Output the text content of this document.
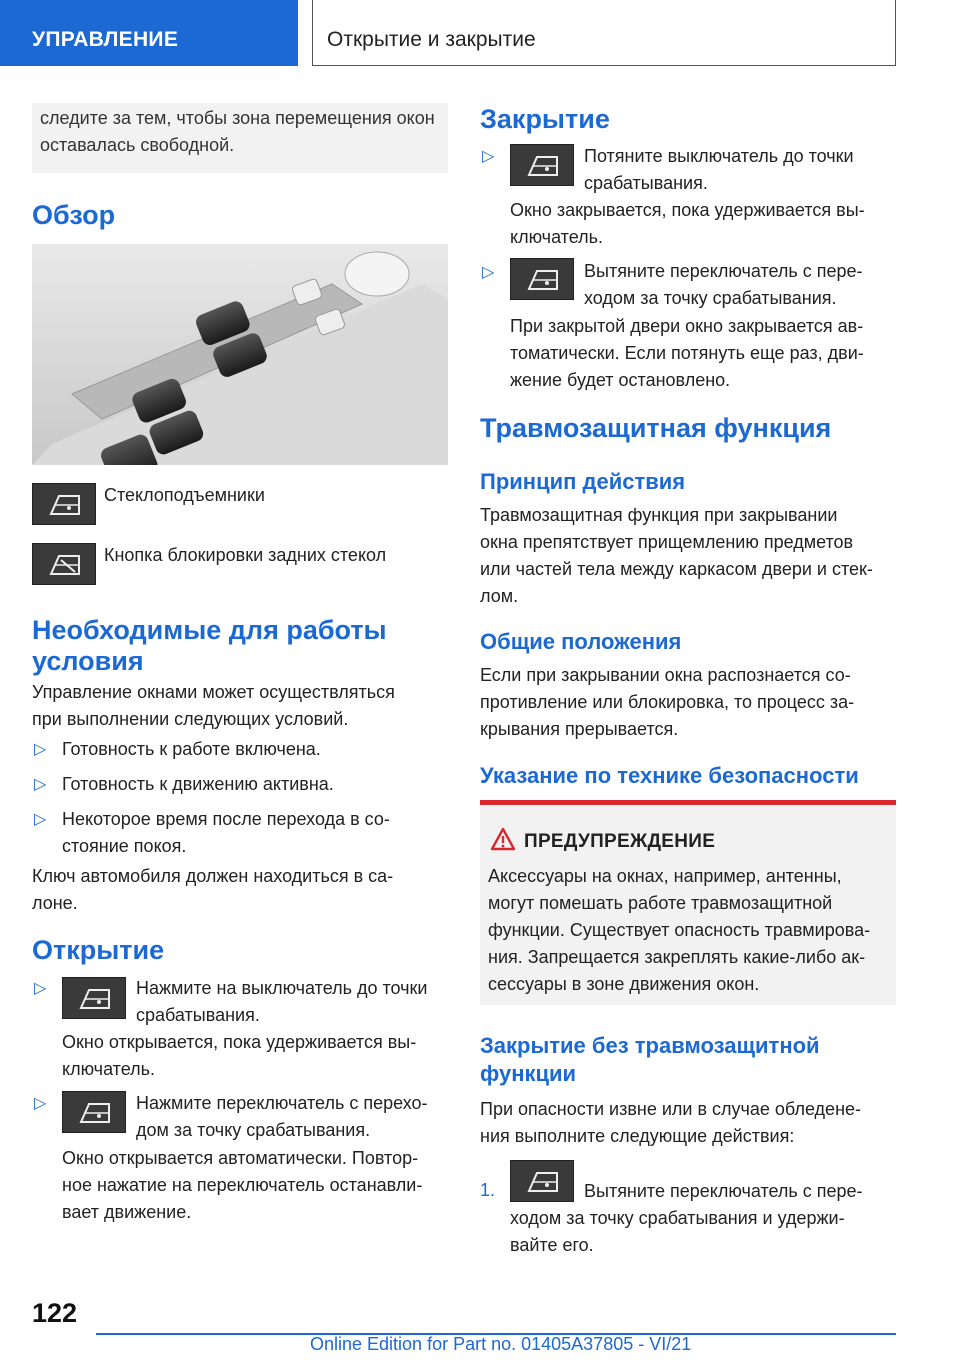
УПРАВЛЕНИЕ	Открытие и закрытие
следите за тем, чтобы зона перемещения окон оставалась свободной.
Обзор
Стеклоподъемники
Кнопка блокировки задних стекол
Необходимые для работы
условия
Управление окнами может осуществляться
при выполнении следующих условий.
▷ Готовность к работе включена.
▷ Готовность к движению активна.
▷ Некоторое время после перехода в со-
стояние покоя.
Ключ автомобиля должен находиться в са-
лоне.
Открытие
▷	Нажмите на выключатель до точки
срабатывания.
Окно открывается, пока удерживается вы-
ключатель.
▷	Нажмите переключатель с перехо-
дом за точку срабатывания.
Окно открывается автоматически. Повтор-
ное нажатие на переключатель останавли-
вает движение.
Закрытие
▷	Потяните выключатель до точки
срабатывания.
Окно закрывается, пока удерживается вы-
ключатель.
▷	Вытяните переключатель с пере-
ходом за точку срабатывания.
При закрытой двери окно закрывается ав-
томатически. Если потянуть еще раз, дви-
жение будет остановлено.
Травмозащитная функция
Принцип действия
Травмозащитная функция при закрывании
окна препятствует прищемлению предметов
или частей тела между каркасом двери и стек-
лом.
Общие положения
Если при закрывании окна распознается со-
противление или блокировка, то процесс за-
крывания прерывается.
Указание по технике безопасности
ПРЕДУПРЕЖДЕНИЕ
Аксессуары на окнах, например, антенны,
могут помешать работе травмозащитной
функции. Существует опасность травмирова-
ния. Запрещается закреплять какие-либо ак-
сессуары в зоне движения окон.
Закрытие без травмозащитной
функции
При опасности извне или в случае обледене-
ния выполните следующие действия:
1.	Вытяните переключатель с пере-
ходом за точку срабатывания и удержи-
вайте его.
122
Online Edition for Part no. 01405A37805 - VI/21
